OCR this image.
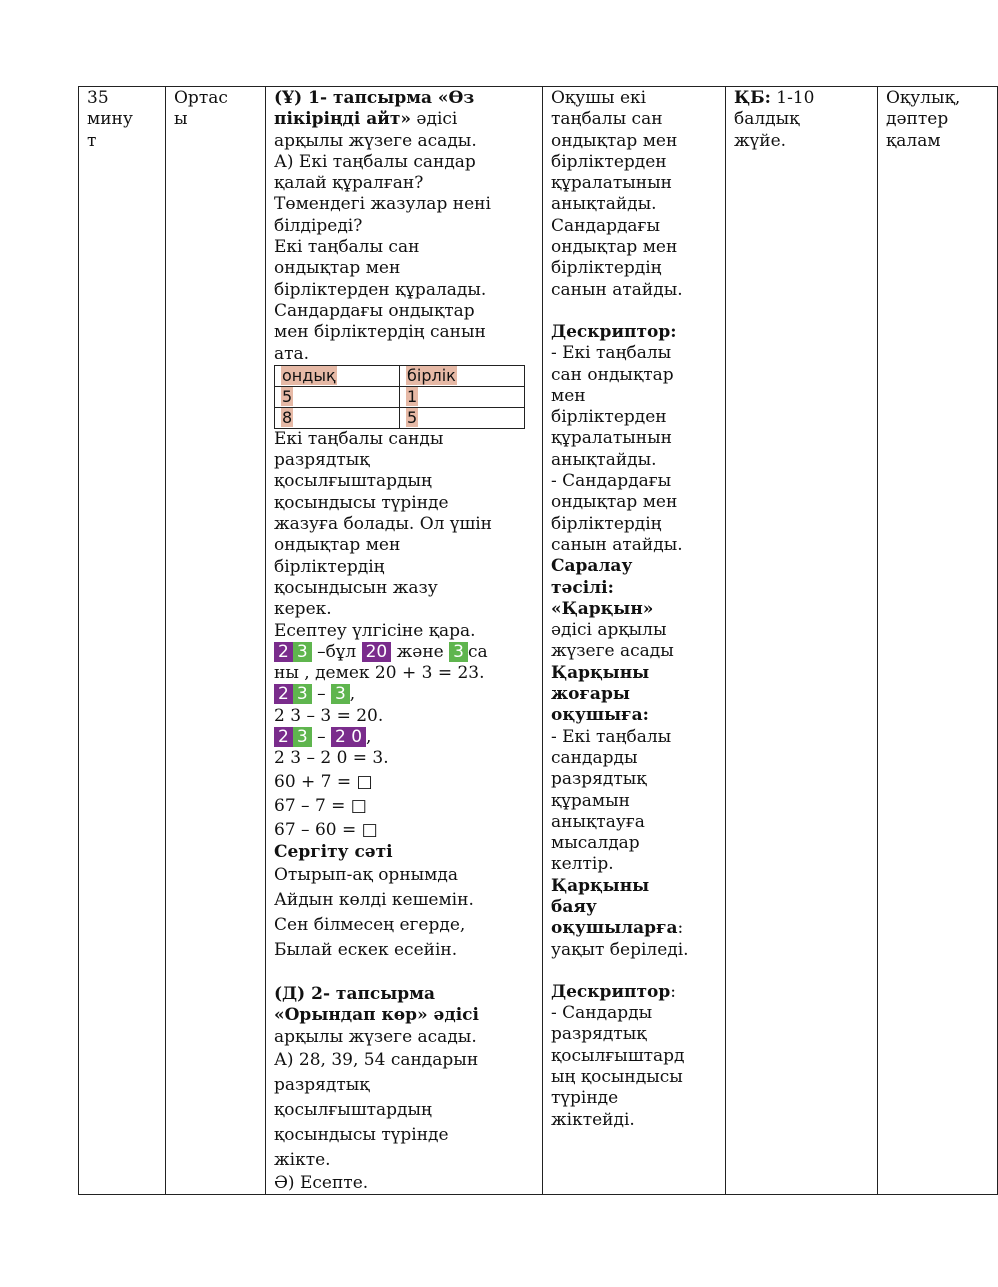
35
мину
т

Ортас
ы

(Ұ) 1- тапсырма «Өз
пікіріңді айт» әдісі
арқылы жүзеге асады.
А) Екі таңбалы сандар
қалай құралған?
Төмендегі жазулар нені
білдіреді?
Екі таңбалы сан
ондықтар мен
бірліктерден құралады.
Сандардағы ондықтар
мен бірліктердің санын
ата.
ондық	бірлік
5	1
8	5
Екі таңбалы санды
разрядтық
қосылғыштардың
қосындысы түрінде
жазуға болады. Ол үшін
ондықтар мен
бірліктердің
қосындысын жазу
керек.
Есептеу үлгісіне қара.
2 3 –бұл 20 және 3 са
ны , демек 20 + 3 = 23.
2 3 – 3 ,
2 3 – 3 = 20.
2 3 – 2 0 ,
2 3 – 2 0 = 3.
60 + 7 = □
67 – 7 = □
67 – 60 = □
Сергіту сәті
Отырып-ақ орнымда
Айдын көлді кешемін.
Сен білмесең егерде,
Былай ескек есейін.
(Д) 2- тапсырма
«Орындап көр» әдісі
арқылы жүзеге асады.
А) 28, 39, 54 сандарын
разрядтық
қосылғыштардың
қосындысы түрінде
жікте.
Ә) Есепте.

Оқушы екі
таңбалы сан
ондықтар мен
бірліктерден
құралатынын
анықтайды.
Сандардағы
ондықтар мен
бірліктердің
санын атайды.
Дескриптор:
- Екі таңбалы
сан ондықтар
мен
бірліктерден
құралатынын
анықтайды.
- Сандардағы
ондықтар мен
бірліктердің
санын атайды.
Саралау
тәсілі:
«Қарқын»
әдісі арқылы
жүзеге асады
Қарқыны
жоғары
оқушыға:
- Екі таңбалы
сандарды
разрядтық
құрамын
анықтауға
мысалдар
келтір.
Қарқыны
баяу
оқушыларға:
уақыт беріледі.
Дескриптор:
- Сандарды
разрядтық
қосылғыштард
ың қосындысы
түрінде
жіктейді.

ҚБ: 1-10
балдық
жүйе.

Оқулық,
дәптер
қалам
